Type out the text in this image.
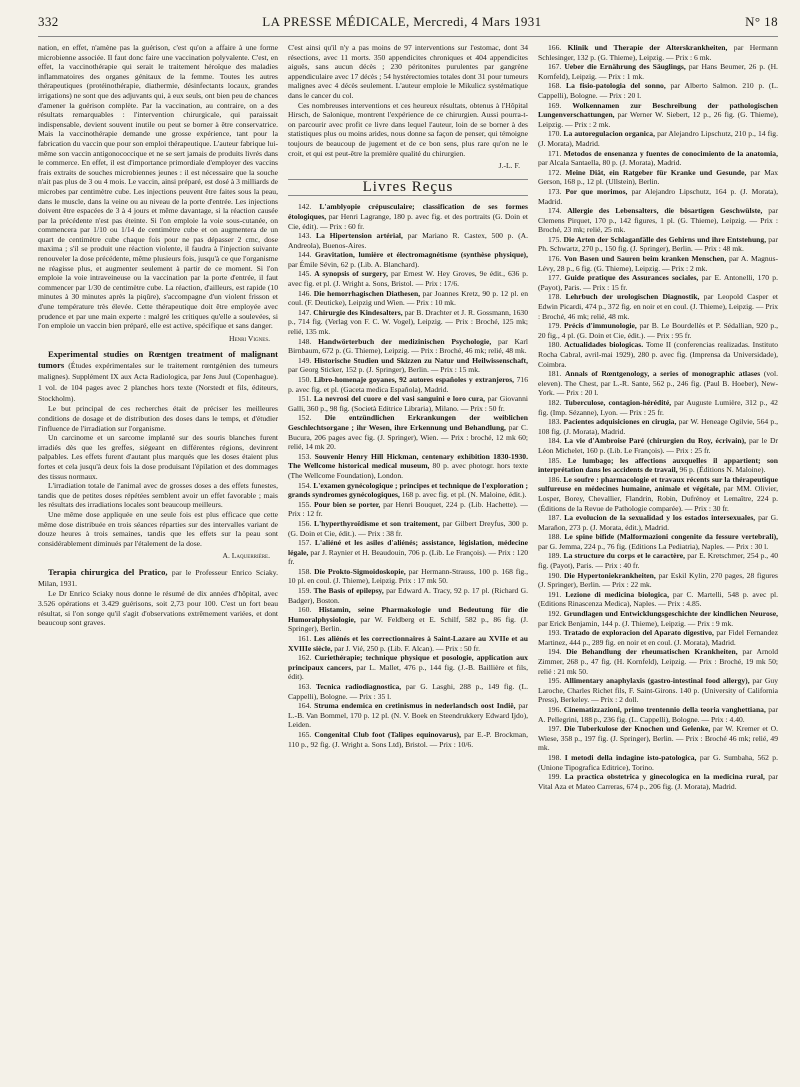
332	LA PRESSE MÉDICALE, Mercredi, 4 Mars 1931	N° 18

nation, en effet, n'amène pas la guérison, c'est qu'on a affaire à une forme microbienne associée. Il faut donc faire une vaccination polyvalente. C'est, en effet, la vaccinothérapie qui serait le traitement héroïque des maladies inflammatoires des organes génitaux de la femme. Toutes les autres thérapeutiques (protéinothérapie, diathermie, désinfectants locaux, grandes irrigations) ne sont que des adjuvants qui, à eux seuls, ont bien peu de chances d'amener la guérison complète. Par la vaccination, au contraire, on a des résultats remarquables : l'intervention chirurgicale, qui paraissait indispensable, devient souvent inutile ou peut se borner à être conservatrice. Mais la vaccinothérapie demande une grosse expérience, tant pour la fabrication du vaccin que pour son emploi thérapeutique. L'auteur fabrique lui-même son vaccin antigonococcique et ne se sert jamais de produits livrés dans le commerce. En effet, il est d'importance primordiale d'employer des vaccins frais extraits de souches microbiennes jeunes : il est nécessaire que la souche n'ait pas plus de 3 ou 4 mois. Le vaccin, ainsi préparé, est dosé à 3 milliards de microbes par centimètre cube. Les injections peuvent être faites sous la peau, dans le muscle, dans la veine ou au niveau de la porte d'entrée. Les injections doivent être espacées de 3 à 4 jours et même davantage, si la réaction causée par la précédente n'est pas éteinte. Si l'on emploie la voie sous-cutanée, on commencera par 1/10 ou 1/14 de centimètre cube et on augmentera de un quart de centimètre cube chaque fois pour ne pas dépasser 2 cmc, dose maxima ; s'il se produit une réaction violente, il faudra à l'injection suivante renouveler la dose précédente, même plusieurs fois, jusqu'à ce que l'organisme ne réagisse plus, et augmenter seulement à partir de ce moment. Si l'on emploie la voie intraveineuse ou la vaccination par la porte d'entrée, il faut commencer par 1/30 de centimètre cube. La réaction, d'ailleurs, est rapide (10 minutes à 30 minutes après la piqûre), s'accompagne d'un violent frisson et d'une température très élevée. Cette thérapeutique doit être employée avec prudence et par une main experte : malgré les critiques qu'elle a soulevées, si l'on emploie un vaccin bien préparé, elle est active, spécifique et sans danger.

Henri Vignes.

Experimental studies on Rœntgen treatment of malignant tumors (Études expérimentales sur le traitement rœntgénien des tumeurs malignes). Supplément IX aux Acta Radiologica, par Jens Juul (Copenhague). 1 vol. de 104 pages avec 2 planches hors texte (Norstedt et fils, éditeurs, Stockholm).

Le but principal de ces recherches était de préciser les meilleures conditions de dosage et de distribution des doses dans le temps, et d'étudier l'influence de l'irradiation sur l'organisme.

Un carcinome et un sarcome implanté sur des souris blanches furent irradiés dès que les greffes, siégeant en différentes régions, devinrent palpables. Les effets furent d'autant plus marqués que les doses étaient plus fortes et cela jusqu'à deux fois la dose produisant l'épilation et des dommages des tissus normaux.

L'irradiation totale de l'animal avec de grosses doses a des effets funestes, tandis que de petites doses répétées semblent avoir un effet favorable ; mais les résultats des irradiations locales sont beaucoup meilleurs.

Une même dose appliquée en une seule fois est plus efficace que cette même dose distribuée en trois séances réparties sur des intervalles variant de douze heures à trois semaines, tandis que les effets sur la peau sont considérablement diminués par l'étalement de la dose.

A. Laquerrière.

Terapia chirurgica del Pratico, par le Professeur Enrico Sciaky. Milan, 1931.

Le Dr Enrico Sciaky nous donne le résumé de dix années d'hôpital, avec 3.526 opérations et 3.429 guérisons, soit 2,73 pour 100. C'est un fort beau résultat, si l'on songe qu'il s'agit d'observations extrêmement variées, et dont beaucoup sont graves.

C'est ainsi qu'il n'y a pas moins de 97 interventions sur l'estomac, dont 34 résections, avec 11 morts. 350 appendicites chroniques et 404 appendicites aiguës, sans aucun décès ; 230 péritonites purulentes par gangrène appendiculaire avec 17 décès ; 54 hystérectomies totales dont 31 pour tumeurs malignes avec 4 décès seulement. L'auteur emploie le Mikulicz systématique dans le cancer du col.

Ces nombreuses interventions et ces heureux résultats, obtenus à l'Hôpital Hirsch, de Salonique, montrent l'expérience de ce chirurgien. Aussi pourra-t-on parcourir avec profit ce livre dans lequel l'auteur, loin de se borner à des statistiques plus ou moins arides, nous donne sa façon de penser, qui témoigne toujours de beaucoup de jugement et de ce bon sens, plus rare qu'on ne le croit, et qui est peut-être la première qualité du chirurgien.

J.-L. F.

Livres Reçus

142. L'amblyopie crépusculaire; classification de ses formes étologiques, par Henri Lagrange, 180 p. avec fig. et des portraits (G. Doin et Cie, édit). — Prix : 60 fr.

143. La Hipertension artérial, par Mariano R. Castex, 500 p. (A. Andreola), Buenos-Aires.

144. Gravitation, lumière et électromagnétisme (synthèse physique), par Émile Sévin, 62 p. (Lib. A. Blanchard).

145. A synopsis of surgery, par Ernest W. Hey Groves, 9e édit., 636 p. avec fig. et pl. (J. Wright a. Sons, Bristol. — Prix : 17/6.

146. Die hemorrhagischen Diathesen, par Joannes Kretz, 90 p. 12 pl. en coul. (F. Deuticke), Leipzig und Wien. — Prix : 10 mk.

147. Chirurgie des Kindesalters, par B. Drachter et J. R. Gossmann, 1630 p., 714 fig. (Verlag von F. C. W. Vogel), Leipzig. — Prix : Broché, 125 mk; relié, 135 mk.

148. Handwörterbuch der medizinischen Psychologie, par Karl Birnbaum, 672 p. (G. Thieme), Leipzig. — Prix : Broché, 46 mk; relié, 48 mk.

149. Historische Studien und Skizzen zu Natur und Heilwissenschaft, par Georg Sticker, 152 p. (J. Springer), Berlin. — Prix : 15 mk.

150. Libro-homenaje goyanes, 92 autores españoles y extranjeros, 716 p. avec fig. et pl. (Gaceta medica Española), Madrid.

151. La nevrosi del cuore e del vasi sanguini e loro cura, par Giovanni Galli, 360 p., 98 fig. (Società Editrice Libraria), Milano. — Prix : 50 fr.

152. Die entzündlichen Erkrankungen der weiblichen Geschlechtsorgane ; ihr Wesen, ihre Erkennung und Behandlung, par C. Bucura, 206 pages avec fig. (J. Springer), Wien. — Prix : broché, 12 mk 60; relié, 14 mk 20.

153. Souvenir Henry Hill Hickman, centenary exhibition 1830-1930. The Wellcome historical medical museum, 80 p. avec photogr. hors texte (The Wellcome Foundation), London.

154. L'examen gynécologique ; principes et technique de l'exploration ; grands syndromes gynécologiques, 168 p. avec fig. et pl. (N. Maloine, édit.).

155. Pour bien se porter, par Henri Bouquet, 224 p. (Lib. Hachette). — Prix : 12 fr.

156. L'hyperthyroïdisme et son traitement, par Gilbert Dreyfus, 300 p. (G. Doin et Cie, édit.). — Prix : 38 fr.

157. L'aliéné et les asiles d'aliénés; assistance, législation, médecine légale, par J. Raynier et H. Beaudouin, 706 p. (Lib. Le François). — Prix : 120 fr.

158. Die Prokto-Sigmoidoskopie, par Hermann-Strauss, 100 p. 168 fig., 10 pl. en coul. (J. Thieme), Leipzig. Prix : 17 mk 50.

159. The Basis of epilepsy, par Edward A. Tracy, 92 p. 17 pl. (Richard G. Badger), Boston.

160. Histamin, seine Pharmakologie und Bedeutung für die Humoralphysiologie, par W. Feldberg et E. Schilf, 582 p., 86 fig. (J. Springer), Berlin.

161. Les aliénés et les correctionnaires à Saint-Lazare au XVIIe et au XVIIIe siècle, par J. Vié, 250 p. (Lib. F. Alcan). — Prix : 50 fr.

162. Curiethérapie; technique physique et posologie, application aux principaux cancers, par L. Mallet, 476 p., 144 fig. (J.-B. Baillière et fils, édit).

163. Tecnica radiodiagnostica, par G. Lasghi, 288 p., 149 fig. (L. Cappelli), Bologne. — Prix : 35 l.

164. Struma endemica en cretinismus in nederlandsch oost Indië, par L.-B. Van Bommel, 170 p. 12 pl. (N. V. Boek en Steendrukkery Edward Ijdo), Leiden.

165. Congenital Club foot (Talipes equinovarus), par E.-P. Brockman, 110 p., 92 fig. (J. Wright a. Sons Ltd), Bristol. — Prix : 10/6.

166. Klinik und Therapie der Alterskrankheiten, par Hermann Schlesinger, 132 p. (G. Thieme), Leipzig. — Prix : 6 mk.

167. Ueber die Ernährung des Säuglings, par Hans Beumer, 26 p. (H. Kornfeld), Leipzig. — Prix : 1 mk.

168. La fisio-patologia del sonno, par Alberto Salmon. 210 p. (L. Cappelli), Bologne. — Prix : 20 l.

169. Wolkennamen zur Beschreibung der pathologischen Lungenverschattungen, par Werner W. Siebert, 12 p., 26 fig. (G. Thieme), Leipzig. — Prix : 2 mk.

170. La autoregulacion organica, par Alejandro Lipschutz, 210 p., 14 fig. (J. Morata), Madrid.

171. Metodos de ensenanza y fuentes de conocimiento de la anatomia, par Alcala Santaella, 80 p. (J. Morata), Madrid.

172. Meine Diät, ein Ratgeber für Kranke und Gesunde, par Max Gerson, 168 p., 12 pl. (Ullstein), Berlin.

173. Por que morimos, par Alejandro Lipschutz, 164 p. (J. Morata), Madrid.

174. Allergie des Lebensalters, die bösartigen Geschwülste, par Clemens Pirquet, 170 p., 142 figures, 1 pl. (G. Thieme), Leipzig. — Prix : Broché, 23 mk; relié, 25 mk.

175. Die Arten der Schlaganfälle des Gehirns und ihre Entstehung, par Ph. Schwartz, 270 p., 150 fig. (J. Springer), Berlin. — Prix : 48 mk.

176. Von Basen und Sauren beim kranken Menschen, par A. Magnus-Lévy, 28 p., 6 fig. (G. Thieme), Leipzig. — Prix : 2 mk.

177. Guide pratique des Assurances sociales, par E. Antonelli, 170 p. (Payot), Paris. — Prix : 15 fr.

178. Lehrbuch der urologischen Diagnostik, par Leopold Casper et Edwin Picardi, 474 p., 372 fig. en noir et en coul. (J. Thieme), Leipzig. — Prix : Broché, 46 mk; relié, 48 mk.

179. Précis d'immunologie, par B. Le Bourdellès et P. Sédallian, 920 p., 20 fig., 4 pl. (G. Doin et Cie, édit.). — Prix : 95 fr.

180. Actualidades biologicas. Tome II (conferencias realizadas. Instituto Rocha Cabral, avril-mai 1929), 280 p. avec fig. (Imprensa da Universidade), Coimbra.

181. Annals of Rœntgenology, a series of monographic atlases (vol. eleven). The Chest, par L.-R. Sante, 562 p., 246 fig. (Paul B. Hoeber), New-York. — Prix : 20 l.

182. Tuberculose, contagion-hérédité, par Auguste Lumière, 312 p., 42 fig. (Imp. Sézanne), Lyon. — Prix : 25 fr.

183. Pacientes adquisiciones en cirugia, par W. Heneage Ogilvie, 564 p., 108 fig. (J. Morata), Madrid.

184. La vie d'Ambroise Paré (chirurgien du Roy, écrivain), par le Dr Léon Michelet, 160 p. (Lib. Le François). — Prix : 25 fr.

185. Le lumbago; les affections auxquelles il appartient; son interprétation dans les accidents de travail, 96 p. (Éditions N. Maloine).

186. Le soufre : pharmacologie et travaux récents sur la thérapeutique sulfureuse en médecines humaine, animale et végétale, par MM. Olivier, Losper, Borey, Chevallier, Flandrin, Robin, Dufrénoy et Lemaître, 224 p. (Éditions de la Revue de Pathologie comparée). — Prix : 30 fr.

187. La evolucion de la sexualidad y los estados intersexuales, par G. Marañon, 273 p. (J. Morata, édit.), Madrid.

188. Le spine bifide (Malformazioni congenite da fessure vertebrali), par G. Jemma, 224 p., 76 fig. (Editions La Pediatria), Naples. — Prix : 30 l.

189. La structure du corps et le caractère, par E. Kretschmer, 254 p., 40 fig. (Payot), Paris. — Prix : 40 fr.

190. Die Hypertoniekrankheiten, par Eskil Kylin, 270 pages, 28 figures (J. Springer), Berlin. — Prix : 22 mk.

191. Lezione di medicina biologica, par C. Martelli, 548 p. avec pl. (Editions Rinascenza Medica), Naples. — Prix : 4.85.

192. Grundlagen und Entwicklungsgeschichte der kindlichen Neurose, par Erick Benjamin, 144 p. (J. Thieme), Leipzig. — Prix : 9 mk.

193. Tratado de exploracion del Aparato digestivo, par Fidel Fernandez Martinez, 444 p., 289 fig. en noir et en coul. (J. Morata), Madrid.

194. Die Behandlung der rheumatischen Krankheiten, par Arnold Zimmer, 268 p., 47 fig. (H. Kornfeld), Leipzig. — Prix : Broché, 19 mk 50; relié : 21 mk 50.

195. Allimentary anaphylaxis (gastro-intestinal food allergy), par Guy Laroche, Charles Richet fils, F. Saint-Girons. 140 p. (University of California Press), Berkeley. — Prix : 2 doll.

196. Cinematizzazioni, primo trentennio della teoria vanghettiana, par A. Pellegrini, 188 p., 236 fig. (L. Cappelli), Bologne. — Prix : 4.40.

197. Die Tuberkulose der Knochen und Gelenke, par W. Kremer et O. Wiese, 358 p., 197 fig. (J. Springer), Berlin. — Prix : Broché 46 mk; relié, 49 mk.

198. I metodi della indagine isto-patologica, par G. Sumbaha, 562 p. (Unione Tipografica Editrice), Torino.

199. La practica obstetrica y ginecologica en la medicina rural, par Vital Aza et Mateo Carreras, 674 p., 206 fig. (J. Morata), Madrid.
